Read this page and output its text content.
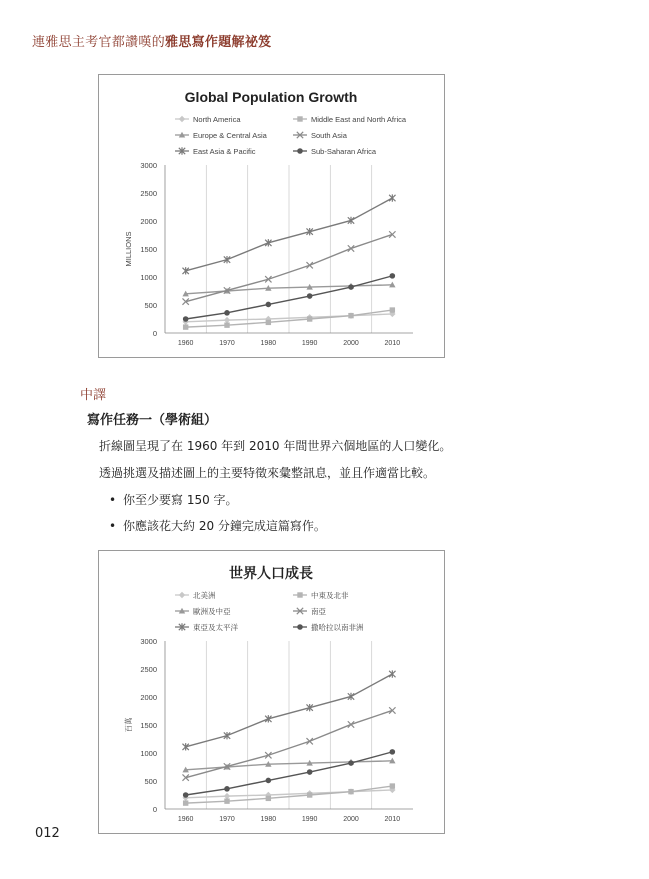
連雅思主考官都讚嘆的雅思寫作題解祕笈
Global Population Growth
North America	Middle East and North Africa
Europe & Central Asia	South Asia
East Asia & Pacific	Sub-Saharan Africa
0
500
1000
1500
2000
2500
3000
1960	1970	1980	1990	2000	2010
MILLIONS
中譯
寫作任務一（學術組）
折線圖呈現了在 1960 年到 2010 年間世界六個地區的人口變化。
透過挑選及描述圖上的主要特徵來彙整訊息，並且作適當比較。
• 你至少要寫 150 字。
• 你應該花大約 20 分鐘完成這篇寫作。
世界人口成長
北美洲	中東及北非
歐洲及中亞	南亞
東亞及太平洋	撒哈拉以南非洲
0
500
1000
1500
2000
2500
3000
1960	1970	1980	1990	2000	2010
百萬
012
